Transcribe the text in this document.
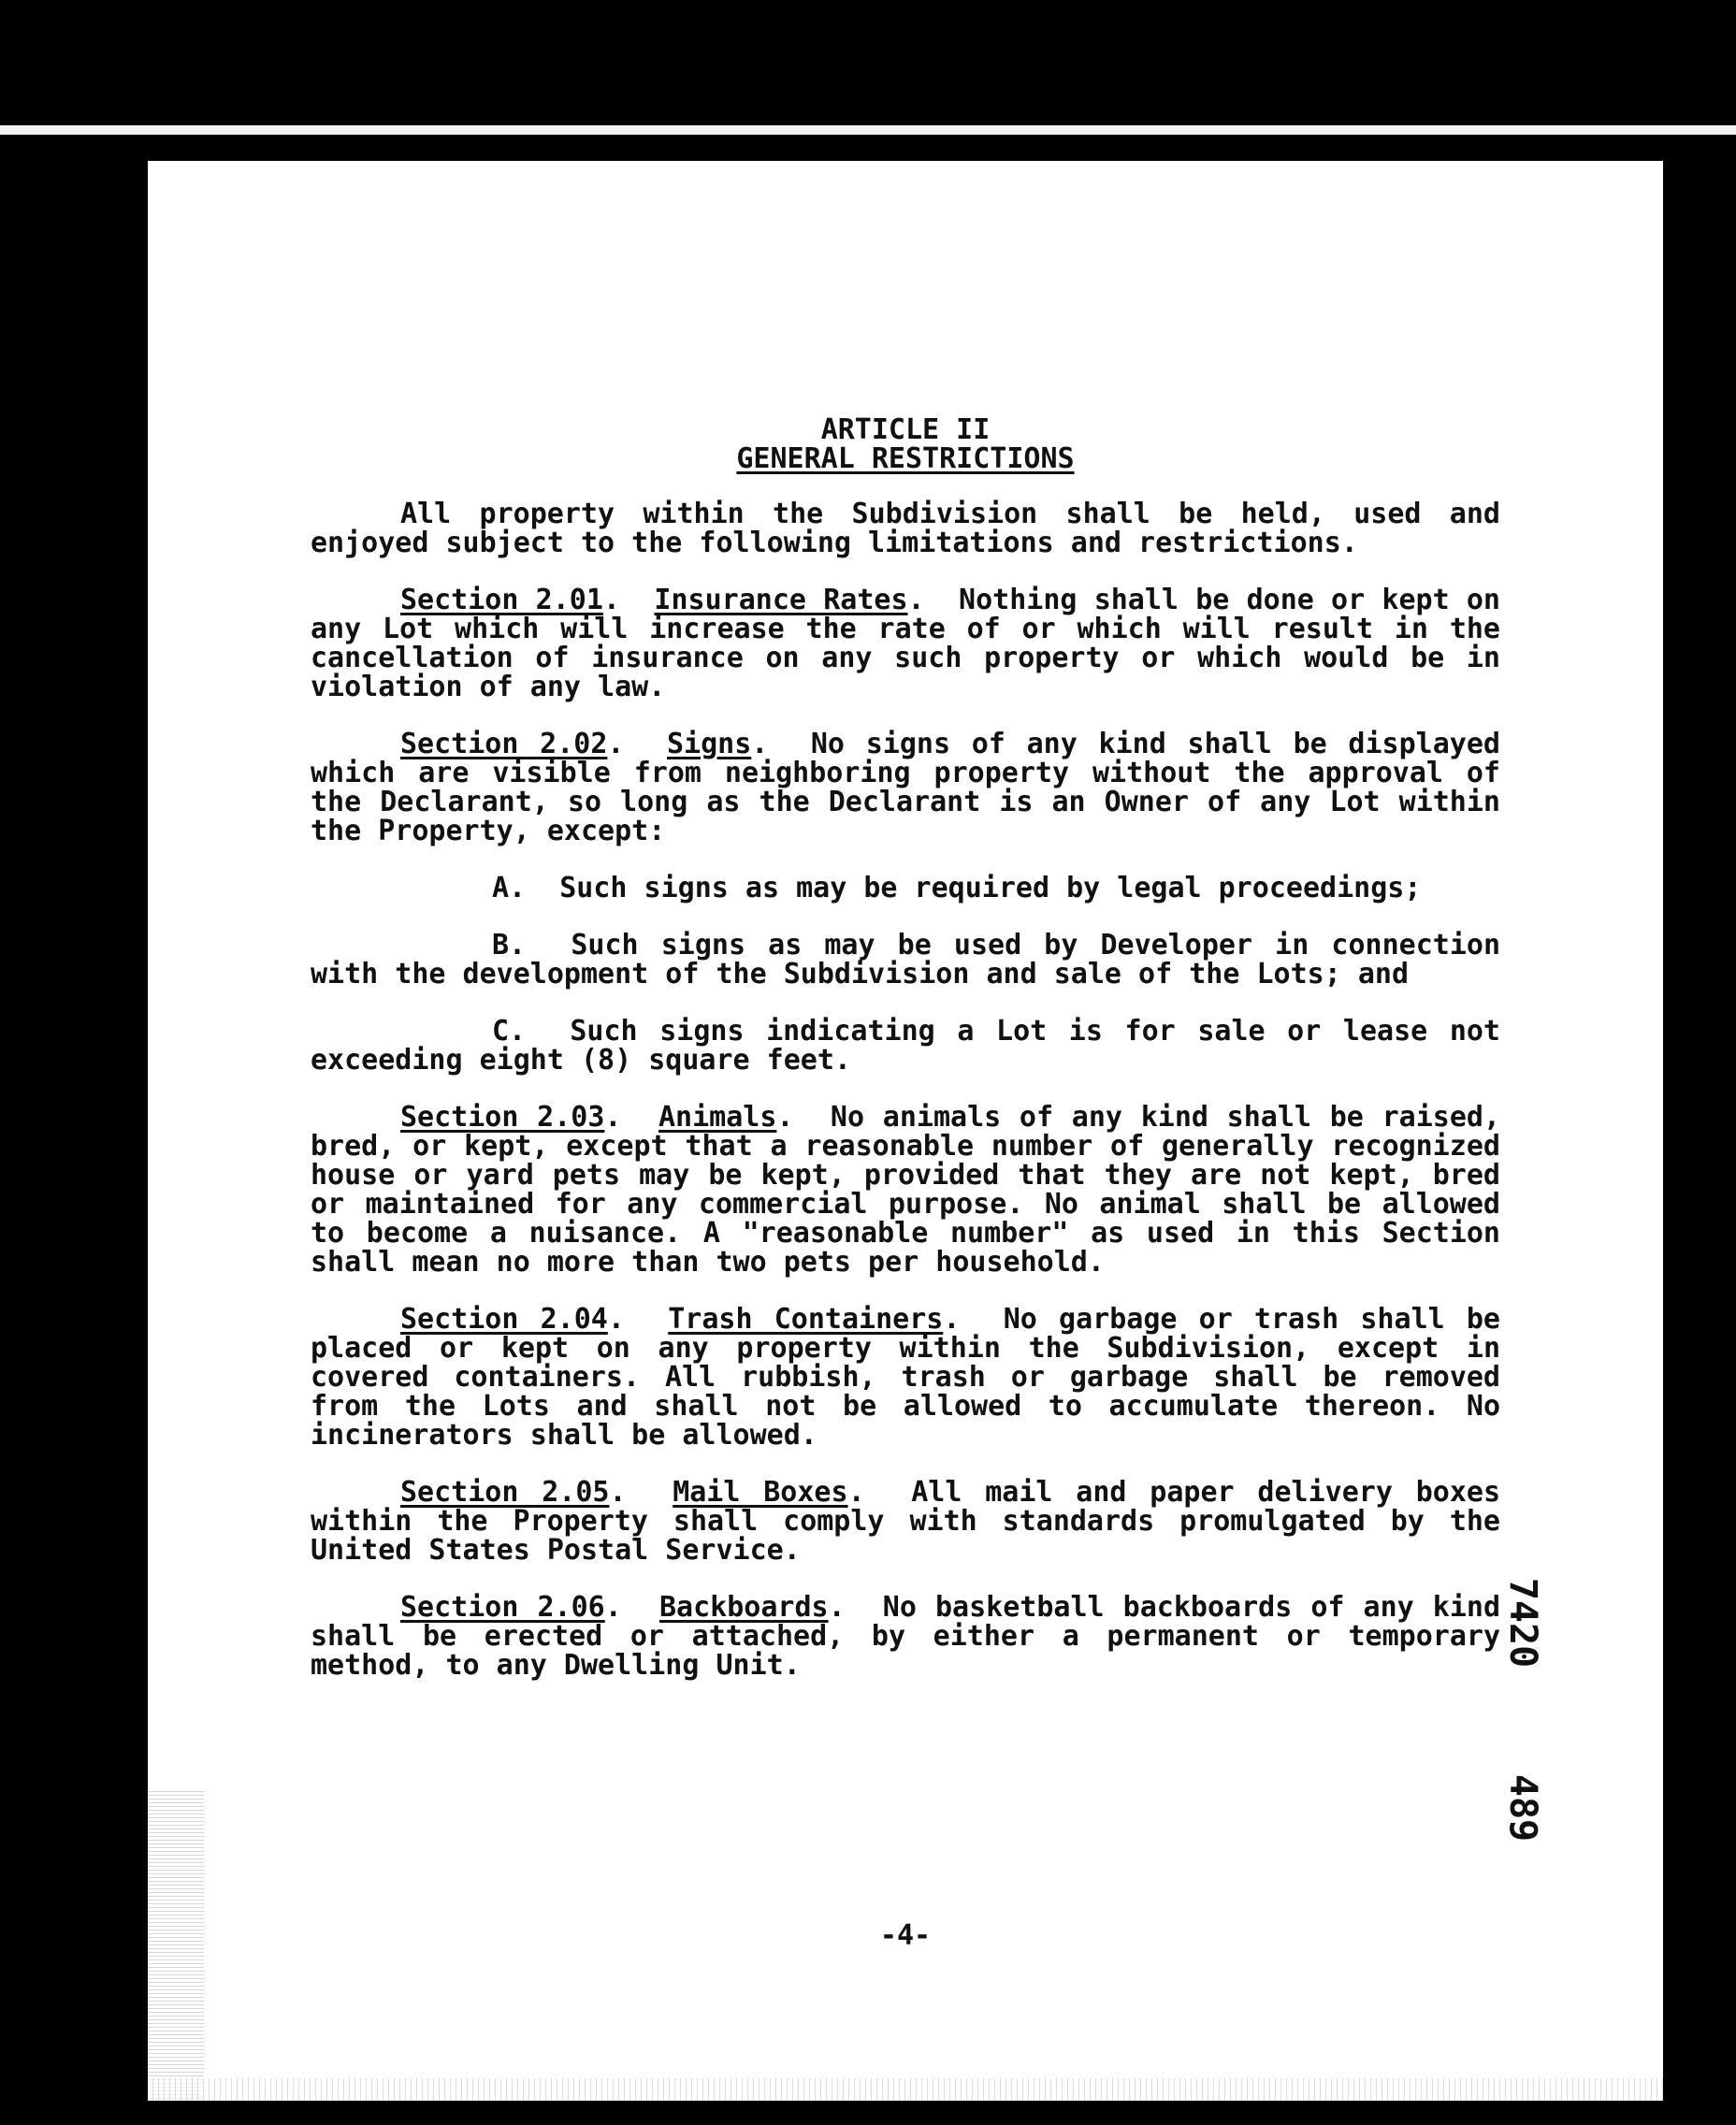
ARTICLE II
GENERAL RESTRICTIONS

All property within the Subdivision shall be held, used and enjoyed subject to the following limitations and restrictions.

Section 2.01.  Insurance Rates.  Nothing shall be done or kept on any Lot which will increase the rate of or which will result in the cancellation of insurance on any such property or which would be in violation of any law.

Section 2.02.  Signs.  No signs of any kind shall be displayed which are visible from neighboring property without the approval of the Declarant, so long as the Declarant is an Owner of any Lot within the Property, except:

A. Such signs as may be required by legal proceedings;

B. Such signs as may be used by Developer in connection with the development of the Subdivision and sale of the Lots; and

C. Such signs indicating a Lot is for sale or lease not exceeding eight (8) square feet.

Section 2.03.  Animals.  No animals of any kind shall be raised, bred, or kept, except that a reasonable number of generally recognized house or yard pets may be kept, provided that they are not kept, bred or maintained for any commercial purpose. No animal shall be allowed to become a nuisance. A "reasonable number" as used in this Section shall mean no more than two pets per household.

Section 2.04.  Trash Containers.  No garbage or trash shall be placed or kept on any property within the Subdivision, except in covered containers. All rubbish, trash or garbage shall be removed from the Lots and shall not be allowed to accumulate thereon. No incinerators shall be allowed.

Section 2.05.  Mail Boxes.  All mail and paper delivery boxes within the Property shall comply with standards promulgated by the United States Postal Service.

Section 2.06.  Backboards.  No basketball backboards of any kind shall be erected or attached, by either a permanent or temporary method, to any Dwelling Unit.	7420
489
-4-
